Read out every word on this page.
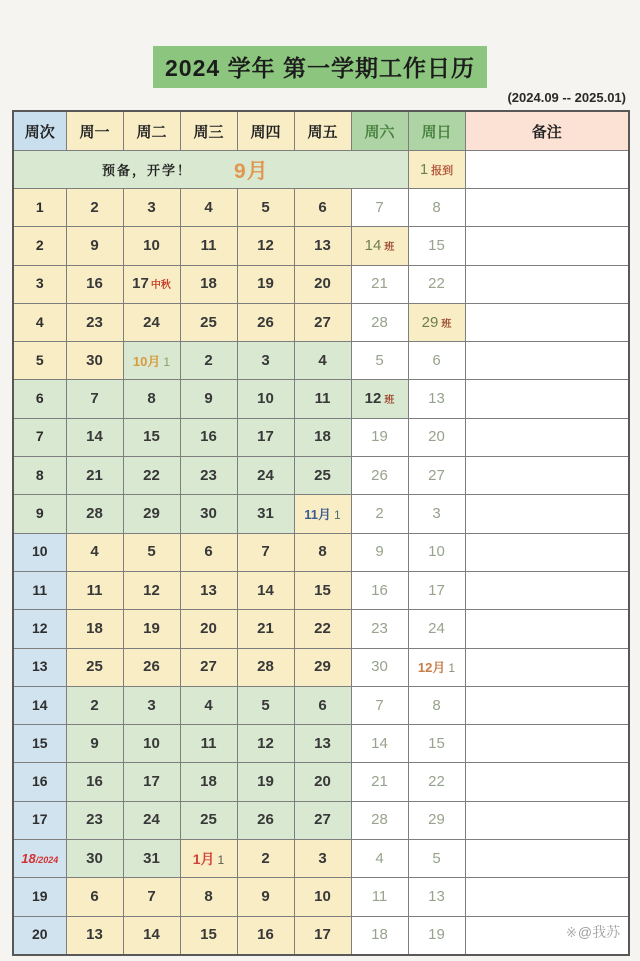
2024 学年 第一学期工作日历
(2024.09 -- 2025.01)
周次	周一	周二	周三	周四	周五	周六	周日	备注

预备，开学！ 9月							1 报到	
1	2	3	4	5	6	7	8	
2	9	10	11	12	13	14 班	15	
3	16	17 中秋	18	19	20	21	22	
4	23	24	25	26	27	28	29 班	
5	30	10月 1	2	3	4	5	6	
6	7	8	9	10	11	12 班	13	
7	14	15	16	17	18	19	20	
8	21	22	23	24	25	26	27	
9	28	29	30	31	11月 1	2	3	
10	4	5	6	7	8	9	10	
11	11	12	13	14	15	16	17	
12	18	19	20	21	22	23	24	
13	25	26	27	28	29	30	12月 1	
14	2	3	4	5	6	7	8	
15	9	10	11	12	13	14	15	
16	16	17	18	19	20	21	22	
17	23	24	25	26	27	28	29	
18/2024	30	31	1月 1	2	3	4	5	
19	6	7	8	9	10	11	13	
20	13	14	15	16	17	18	19		※@我苏
